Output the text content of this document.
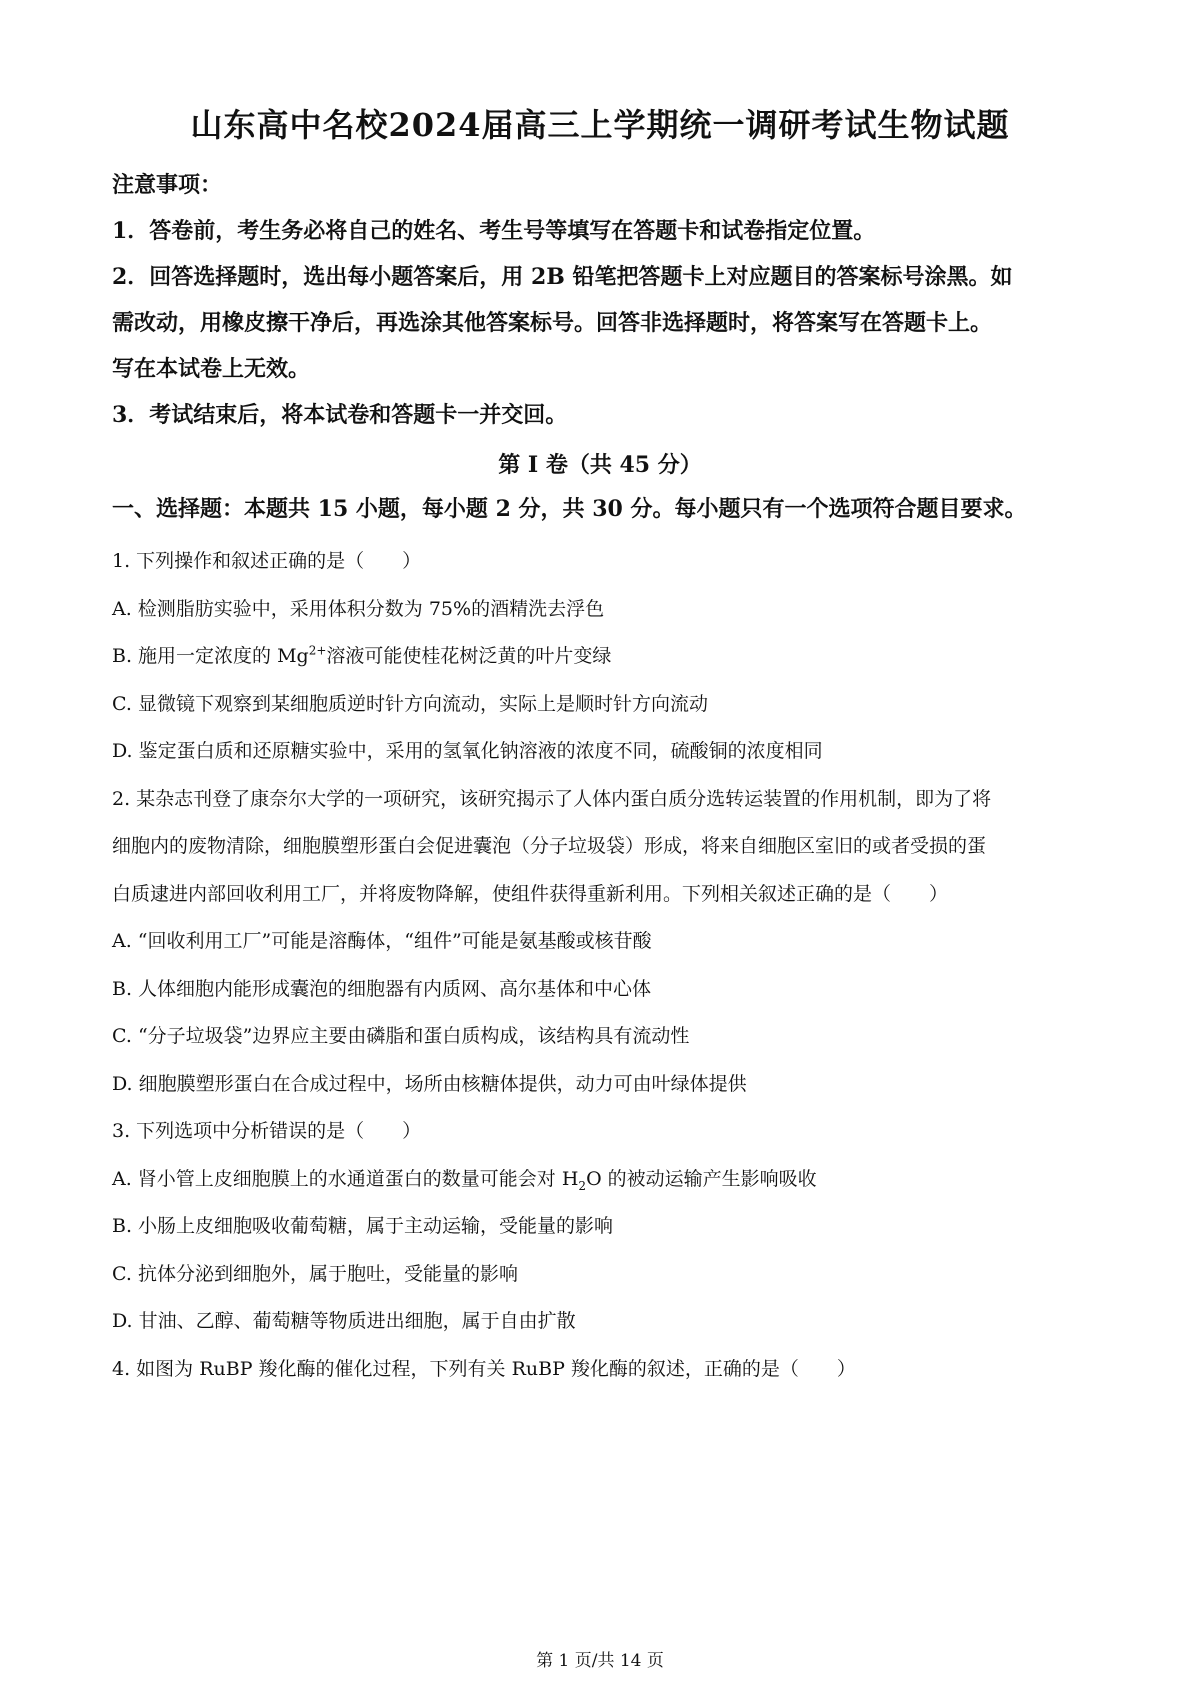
山东高中名校2024届高三上学期统一调研考试生物试题
注意事项：
1．答卷前，考生务必将自己的姓名、考生号等填写在答题卡和试卷指定位置。
2．回答选择题时，选出每小题答案后，用 2B 铅笔把答题卡上对应题目的答案标号涂黑。如
需改动，用橡皮擦干净后，再选涂其他答案标号。回答非选择题时，将答案写在答题卡上。
写在本试卷上无效。
3．考试结束后，将本试卷和答题卡一并交回。
第 I 卷（共 45 分）
一、选择题：本题共 15 小题，每小题 2 分，共 30 分。每小题只有一个选项符合题目要求。
1. 下列操作和叙述正确的是（　　）
A. 检测脂肪实验中，采用体积分数为 75%的酒精洗去浮色
B. 施用一定浓度的 $Mg^{2+}$溶液可能使桂花树泛黄的叶片变绿
C. 显微镜下观察到某细胞质逆时针方向流动，实际上是顺时针方向流动
D. 鉴定蛋白质和还原糖实验中，采用的氢氧化钠溶液的浓度不同，硫酸铜的浓度相同
2. 某杂志刊登了康奈尔大学的一项研究，该研究揭示了人体内蛋白质分选转运装置的作用机制，即为了将
细胞内的废物清除，细胞膜塑形蛋白会促进囊泡（分子垃圾袋）形成，将来自细胞区室旧的或者受损的蛋
白质逮进内部回收利用工厂，并将废物降解，使组件获得重新利用。下列相关叙述正确的是（　　）
A. “回收利用工厂”可能是溶酶体，“组件”可能是氨基酸或核苷酸
B. 人体细胞内能形成囊泡的细胞器有内质网、高尔基体和中心体
C. “分子垃圾袋”边界应主要由磷脂和蛋白质构成，该结构具有流动性
D. 细胞膜塑形蛋白在合成过程中，场所由核糖体提供，动力可由叶绿体提供
3. 下列选项中分析错误的是（　　）
A. 肾小管上皮细胞膜上的水通道蛋白的数量可能会对 $H_2O$ 的被动运输产生影响吸收
B. 小肠上皮细胞吸收葡萄糖，属于主动运输，受能量的影响
C. 抗体分泌到细胞外，属于胞吐，受能量的影响
D. 甘油、乙醇、葡萄糖等物质进出细胞，属于自由扩散
4. 如图为 RuBP 羧化酶的催化过程，下列有关 RuBP 羧化酶的叙述，正确的是（　　）
第 1 页/共 14 页
